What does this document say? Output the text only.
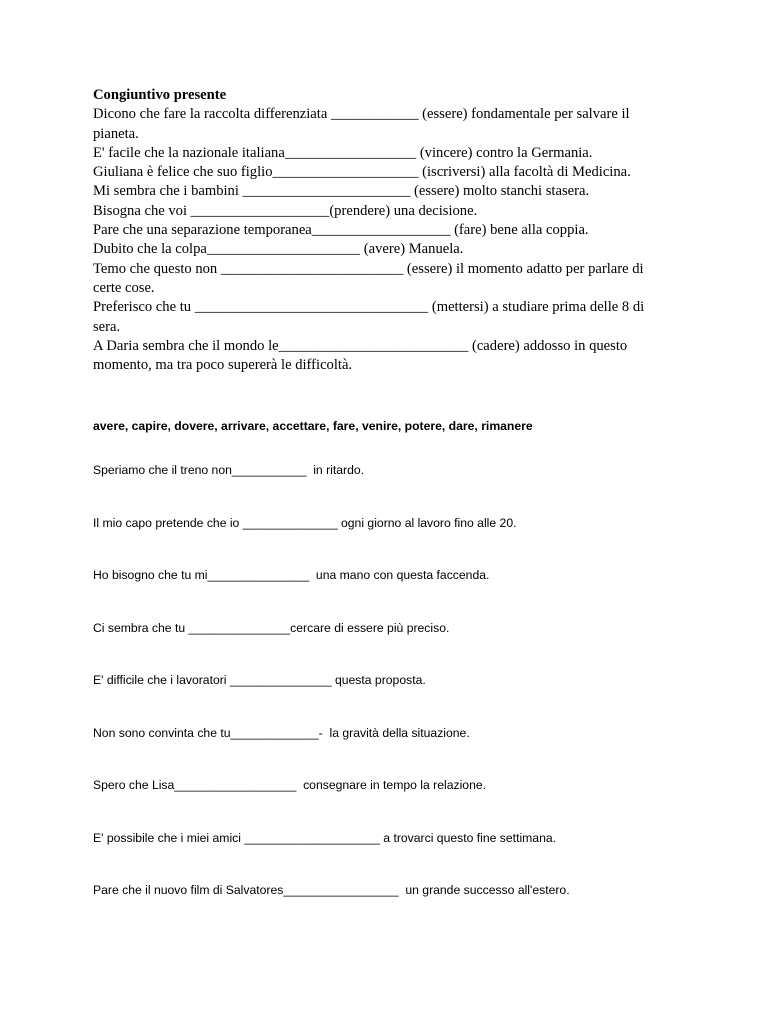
Congiuntivo presente

Dicono che fare la raccolta differenziata ____________ (essere) fondamentale per salvare il pianeta.

E' facile che la nazionale italiana__________________ (vincere) contro la Germania.

Giuliana è felice che suo figlio____________________ (iscriversi) alla facoltà di Medicina.

Mi sembra che i bambini _______________________ (essere) molto stanchi stasera.

Bisogna che voi ___________________(prendere) una decisione.

Pare che una separazione temporanea___________________ (fare) bene alla coppia.

Dubito che la colpa_____________________ (avere) Manuela.

Temo che questo non _________________________ (essere) il momento adatto per parlare di certe cose.

Preferisco che tu ________________________________ (mettersi) a studiare prima delle 8 di sera.

A Daria sembra che il mondo le__________________________ (cadere) addosso in questo momento, ma tra poco supererà le difficoltà.

avere, capire, dovere, arrivare, accettare, fare, venire, potere, dare, rimanere

Speriamo che il treno non___________  in ritardo.

Il mio capo pretende che io ______________ ogni giorno al lavoro fino alle 20.

Ho bisogno che tu mi_______________  una mano con questa faccenda.

Ci sembra che tu _______________cercare di essere più preciso.

E' difficile che i lavoratori _______________ questa proposta.

Non sono convinta che tu_____________-  la gravità della situazione.

Spero che Lisa__________________  consegnare in tempo la relazione.

E' possibile che i miei amici ____________________ a trovarci questo fine settimana.

Pare che il nuovo film di Salvatores_________________  un grande successo all'estero.
